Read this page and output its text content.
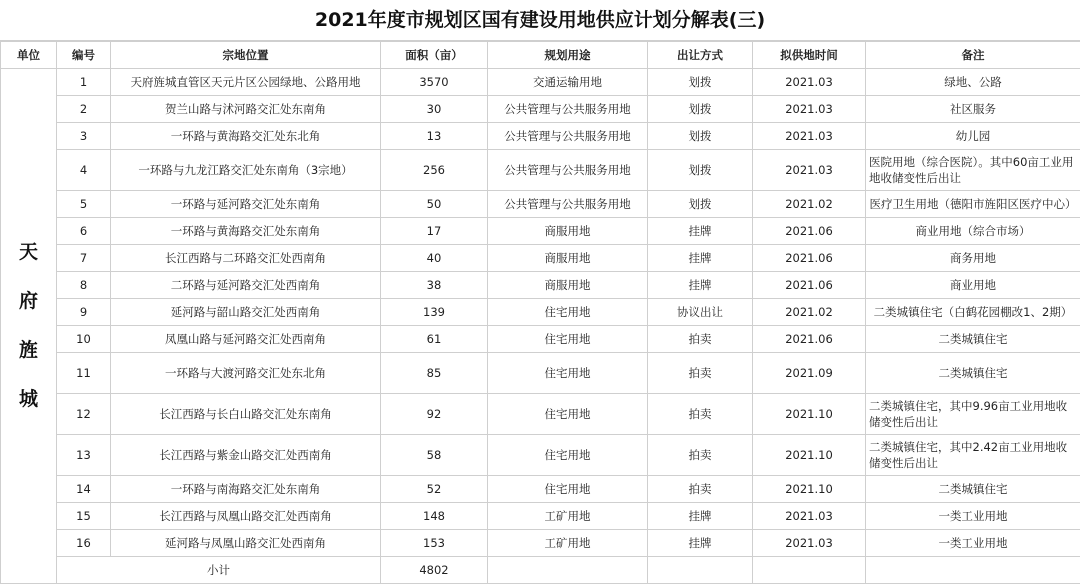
2021年度市规划区国有建设用地供应计划分解表(三)
单位	编号	宗地位置	面积（亩）	规划用途	出让方式	拟供地时间	备注

天
府
旌
城	1	天府旌城直管区天元片区公园绿地、公路用地	3570	交通运输用地	划拨	2021.03	绿地、公路
	2	贺兰山路与沭河路交汇处东南角	30	公共管理与公共服务用地	划拨	2021.03	社区服务
	3	一环路与黄海路交汇处东北角	13	公共管理与公共服务用地	划拨	2021.03	幼儿园
	4	一环路与九龙江路交汇处东南角（3宗地）	256	公共管理与公共服务用地	划拨	2021.03	医院用地（综合医院）。其中60亩工业用地收储变性后出让
	5	一环路与延河路交汇处东南角	50	公共管理与公共服务用地	划拨	2021.02	医疗卫生用地（德阳市旌阳区医疗中心）
	6	一环路与黄海路交汇处东南角	17	商服用地	挂牌	2021.06	商业用地（综合市场）
	7	长江西路与二环路交汇处西南角	40	商服用地	挂牌	2021.06	商务用地
	8	二环路与延河路交汇处西南角	38	商服用地	挂牌	2021.06	商业用地
	9	延河路与韶山路交汇处西南角	139	住宅用地	协议出让	2021.02	二类城镇住宅（白鹤花园棚改1、2期）
	10	凤凰山路与延河路交汇处西南角	61	住宅用地	拍卖	2021.06	二类城镇住宅
	11	一环路与大渡河路交汇处东北角	85	住宅用地	拍卖	2021.09	二类城镇住宅
	12	长江西路与长白山路交汇处东南角	92	住宅用地	拍卖	2021.10	二类城镇住宅，其中9.96亩工业用地收储变性后出让
	13	长江西路与紫金山路交汇处西南角	58	住宅用地	拍卖	2021.10	二类城镇住宅，其中2.42亩工业用地收储变性后出让
	14	一环路与南海路交汇处东南角	52	住宅用地	拍卖	2021.10	二类城镇住宅
	15	长江西路与凤凰山路交汇处西南角	148	工矿用地	挂牌	2021.03	一类工业用地
	16	延河路与凤凰山路交汇处西南角	153	工矿用地	挂牌	2021.03	一类工业用地
	小计		4802				
